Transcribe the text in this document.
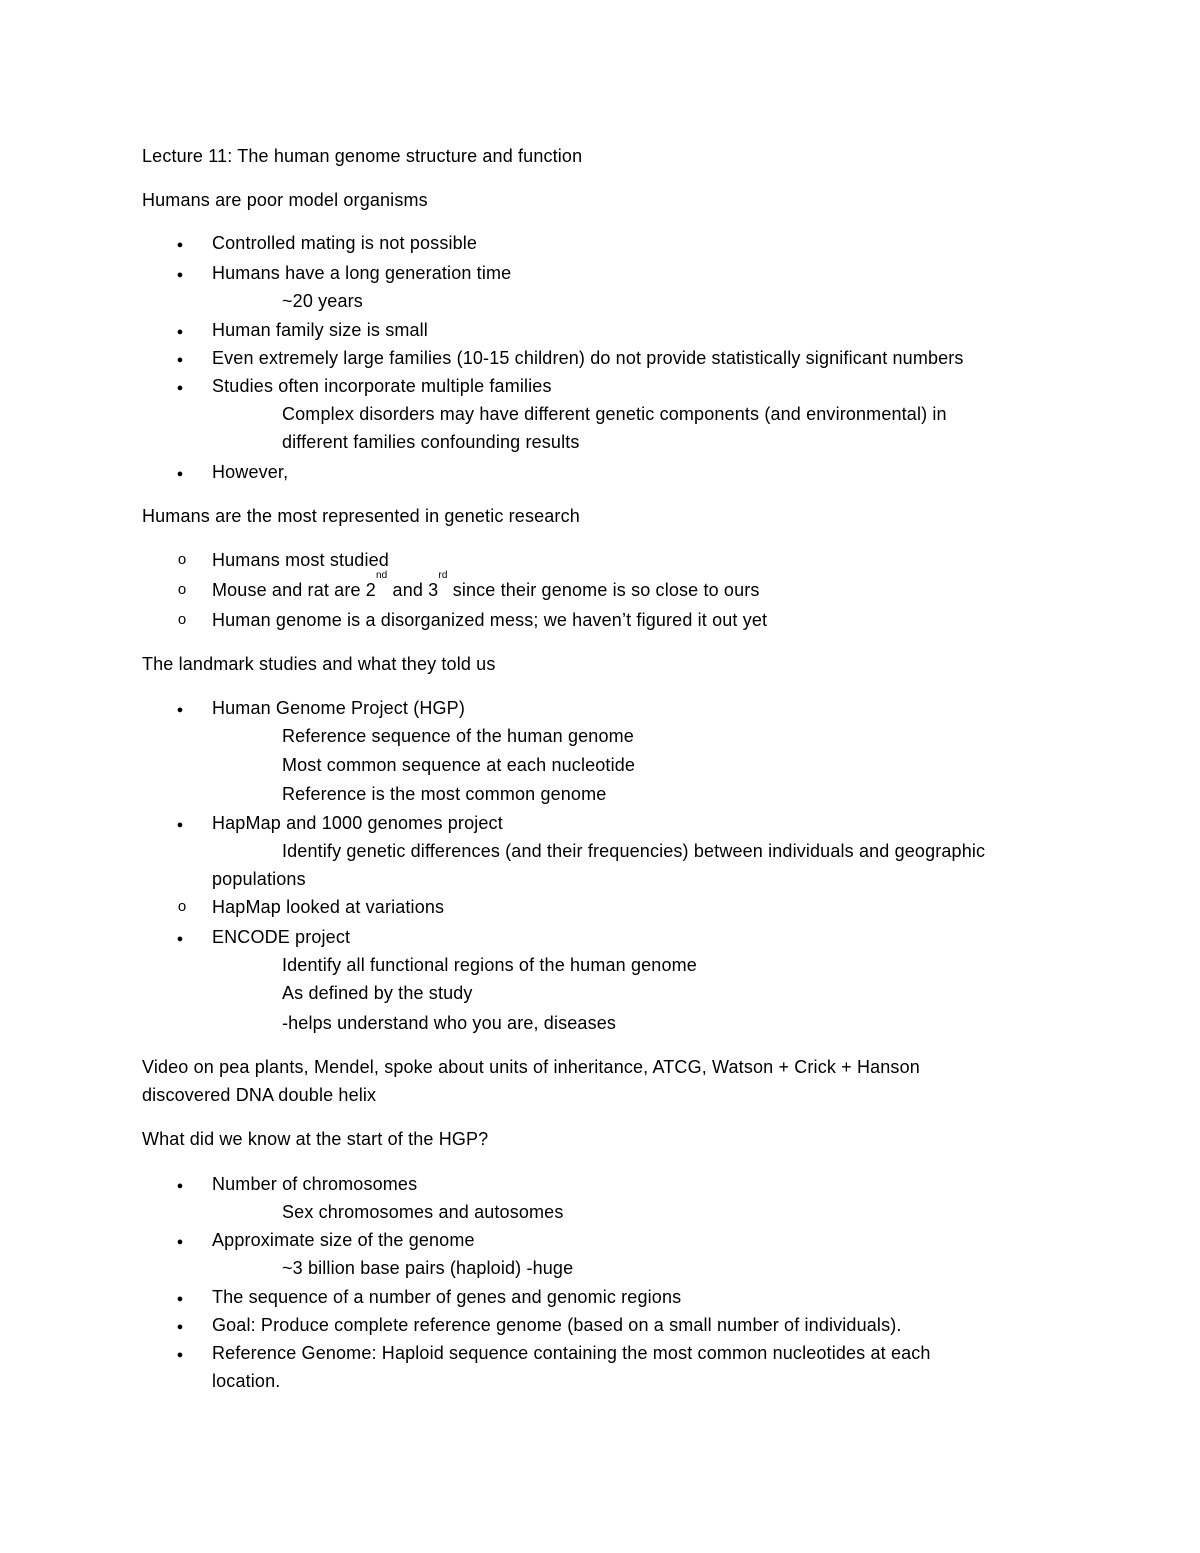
Lecture 11: The human genome structure and function
Humans are poor model organisms
●
Controlled mating is not possible
●
Humans have a long generation time
~20 years
●
Human family size is small
●
Even extremely large families (10-15 children) do not provide statistically significant numbers
●
Studies often incorporate multiple families
Complex disorders may have different genetic components (and environmental) in
different families confounding results
●
However,
Humans are the most represented in genetic research
o Humans most studied
o Mouse and rat are 2nd and 3rd since their genome is so close to ours
o Human genome is a disorganized mess; we haven’t figured it out yet
The landmark studies and what they told us
●
Human Genome Project (HGP)
Reference sequence of the human genome
Most common sequence at each nucleotide
Reference is the most common genome
●
HapMap and 1000 genomes project
Identify genetic differences (and their frequencies) between individuals and geographic
populations
o HapMap looked at variations
●
ENCODE project
Identify all functional regions of the human genome
As defined by the study
-helps understand who you are, diseases
Video on pea plants, Mendel, spoke about units of inheritance, ATCG, Watson + Crick + Hanson
discovered DNA double helix
What did we know at the start of the HGP?
●
Number of chromosomes
Sex chromosomes and autosomes
●
Approximate size of the genome
~3 billion base pairs (haploid) -huge
●
The sequence of a number of genes and genomic regions
●
Goal: Produce complete reference genome (based on a small number of individuals).
●
Reference Genome: Haploid sequence containing the most common nucleotides at each
location.
